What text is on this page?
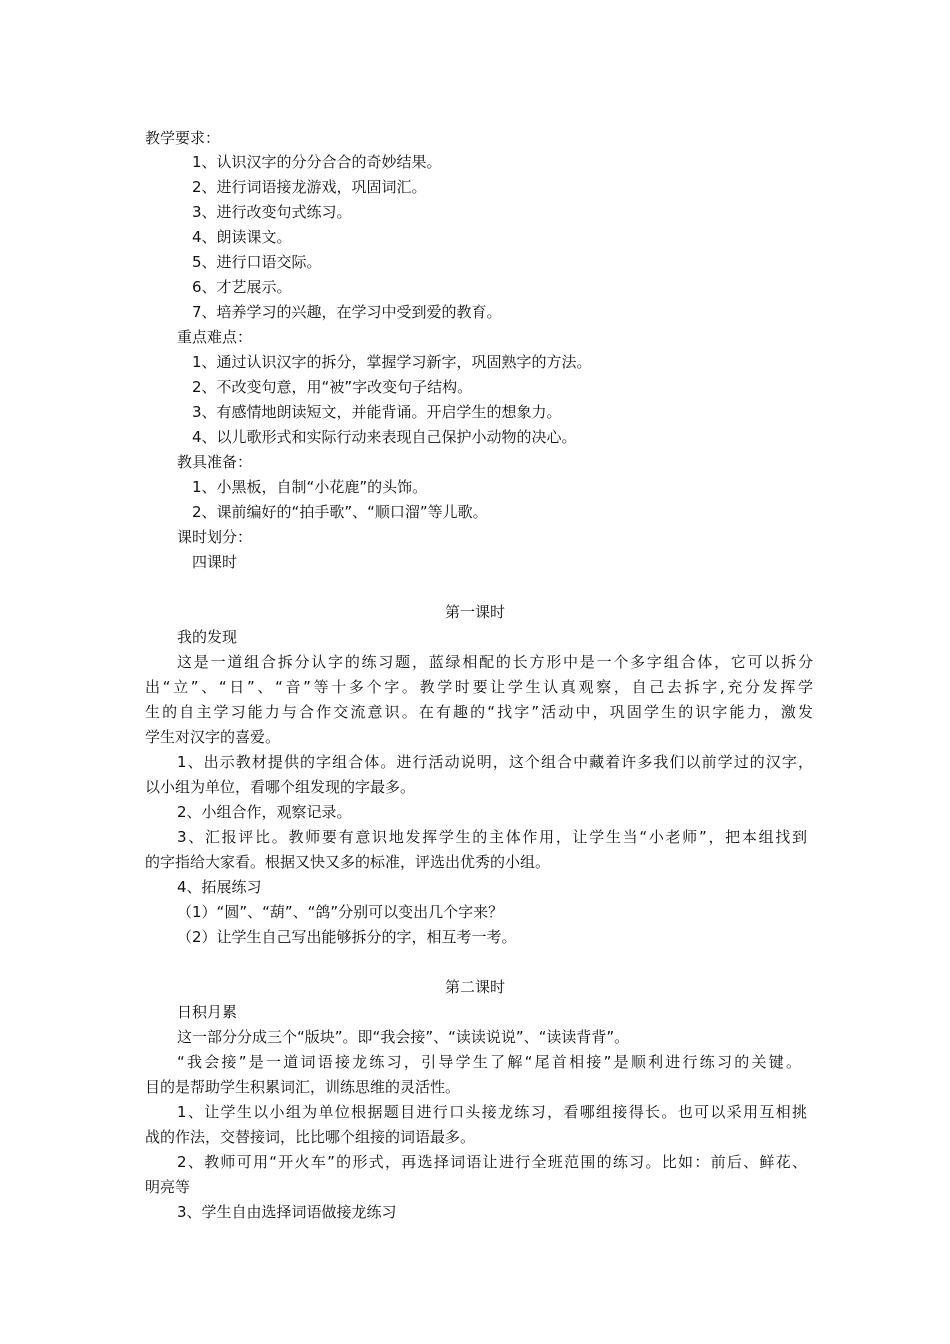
教学要求：
1、认识汉字的分分合合的奇妙结果。
2、进行词语接龙游戏，巩固词汇。
3、进行改变句式练习。
4、朗读课文。
5、进行口语交际。
6、才艺展示。
7、培养学习的兴趣，在学习中受到爱的教育。
重点难点：
1、通过认识汉字的拆分，掌握学习新字，巩固熟字的方法。
2、不改变句意，用“被”字改变句子结构。
3、有感情地朗读短文，并能背诵。开启学生的想象力。
4、以儿歌形式和实际行动来表现自己保护小动物的决心。
教具准备：
1、小黑板，自制“小花鹿”的头饰。
2、课前编好的“拍手歌”、“顺口溜”等儿歌。
课时划分：
四课时
第一课时
我的发现
这是一道组合拆分认字的练习题，蓝绿相配的长方形中是一个多字组合体，它可以拆分
出“立”、“日”、“音”等十多个字。教学时要让学生认真观察，自己去拆字,充分发挥学
生的自主学习能力与合作交流意识。在有趣的“找字”活动中，巩固学生的识字能力，激发
学生对汉字的喜爱。
1、出示教材提供的字组合体。进行活动说明，这个组合中藏着许多我们以前学过的汉字，
以小组为单位，看哪个组发现的字最多。
2、小组合作，观察记录。
3、汇报评比。教师要有意识地发挥学生的主体作用，让学生当“小老师”，把本组找到
的字指给大家看。根据又快又多的标准，评选出优秀的小组。
4、拓展练习
（1）“圆”、“葫”、“鸽”分别可以变出几个字来？
（2）让学生自己写出能够拆分的字，相互考一考。
第二课时
日积月累
这一部分分成三个“版块”。即“我会接”、“读读说说”、“读读背背”。
“我会接”是一道词语接龙练习，引导学生了解“尾首相接”是顺利进行练习的关键。
目的是帮助学生积累词汇，训练思维的灵活性。
1、让学生以小组为单位根据题目进行口头接龙练习，看哪组接得长。也可以采用互相挑
战的作法，交替接词，比比哪个组接的词语最多。
2、教师可用“开火车”的形式，再选择词语让进行全班范围的练习。比如：前后、鲜花、
明亮等
3、学生自由选择词语做接龙练习
